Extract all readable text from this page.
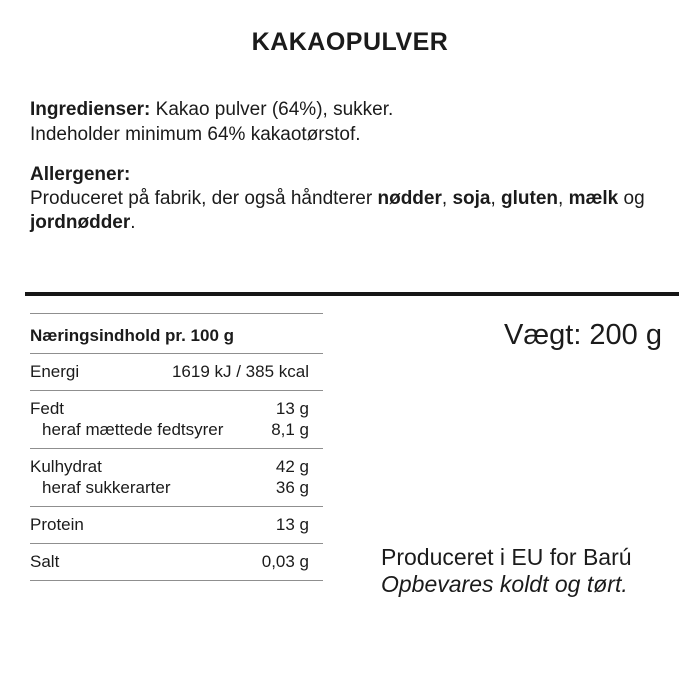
KAKAOPULVER

Ingredienser: Kakao pulver (64%), sukker.
Indeholder minimum 64% kakaotørstof.

Allergener:

Produceret på fabrik, der også håndterer nødder, soja, gluten, mælk og
jordnødder.

Næringsindhold pr. 100 g
Energi	1619 kJ / 385 kcal
Fedt	13 g
heraf mættede fedtsyrer	8,1 g
Kulhydrat	42 g
heraf sukkerarter	36 g
Protein	13 g
Salt	0,03 g
Vægt: 200 g
Produceret i EU for Barú
Opbevares koldt og tørt.
